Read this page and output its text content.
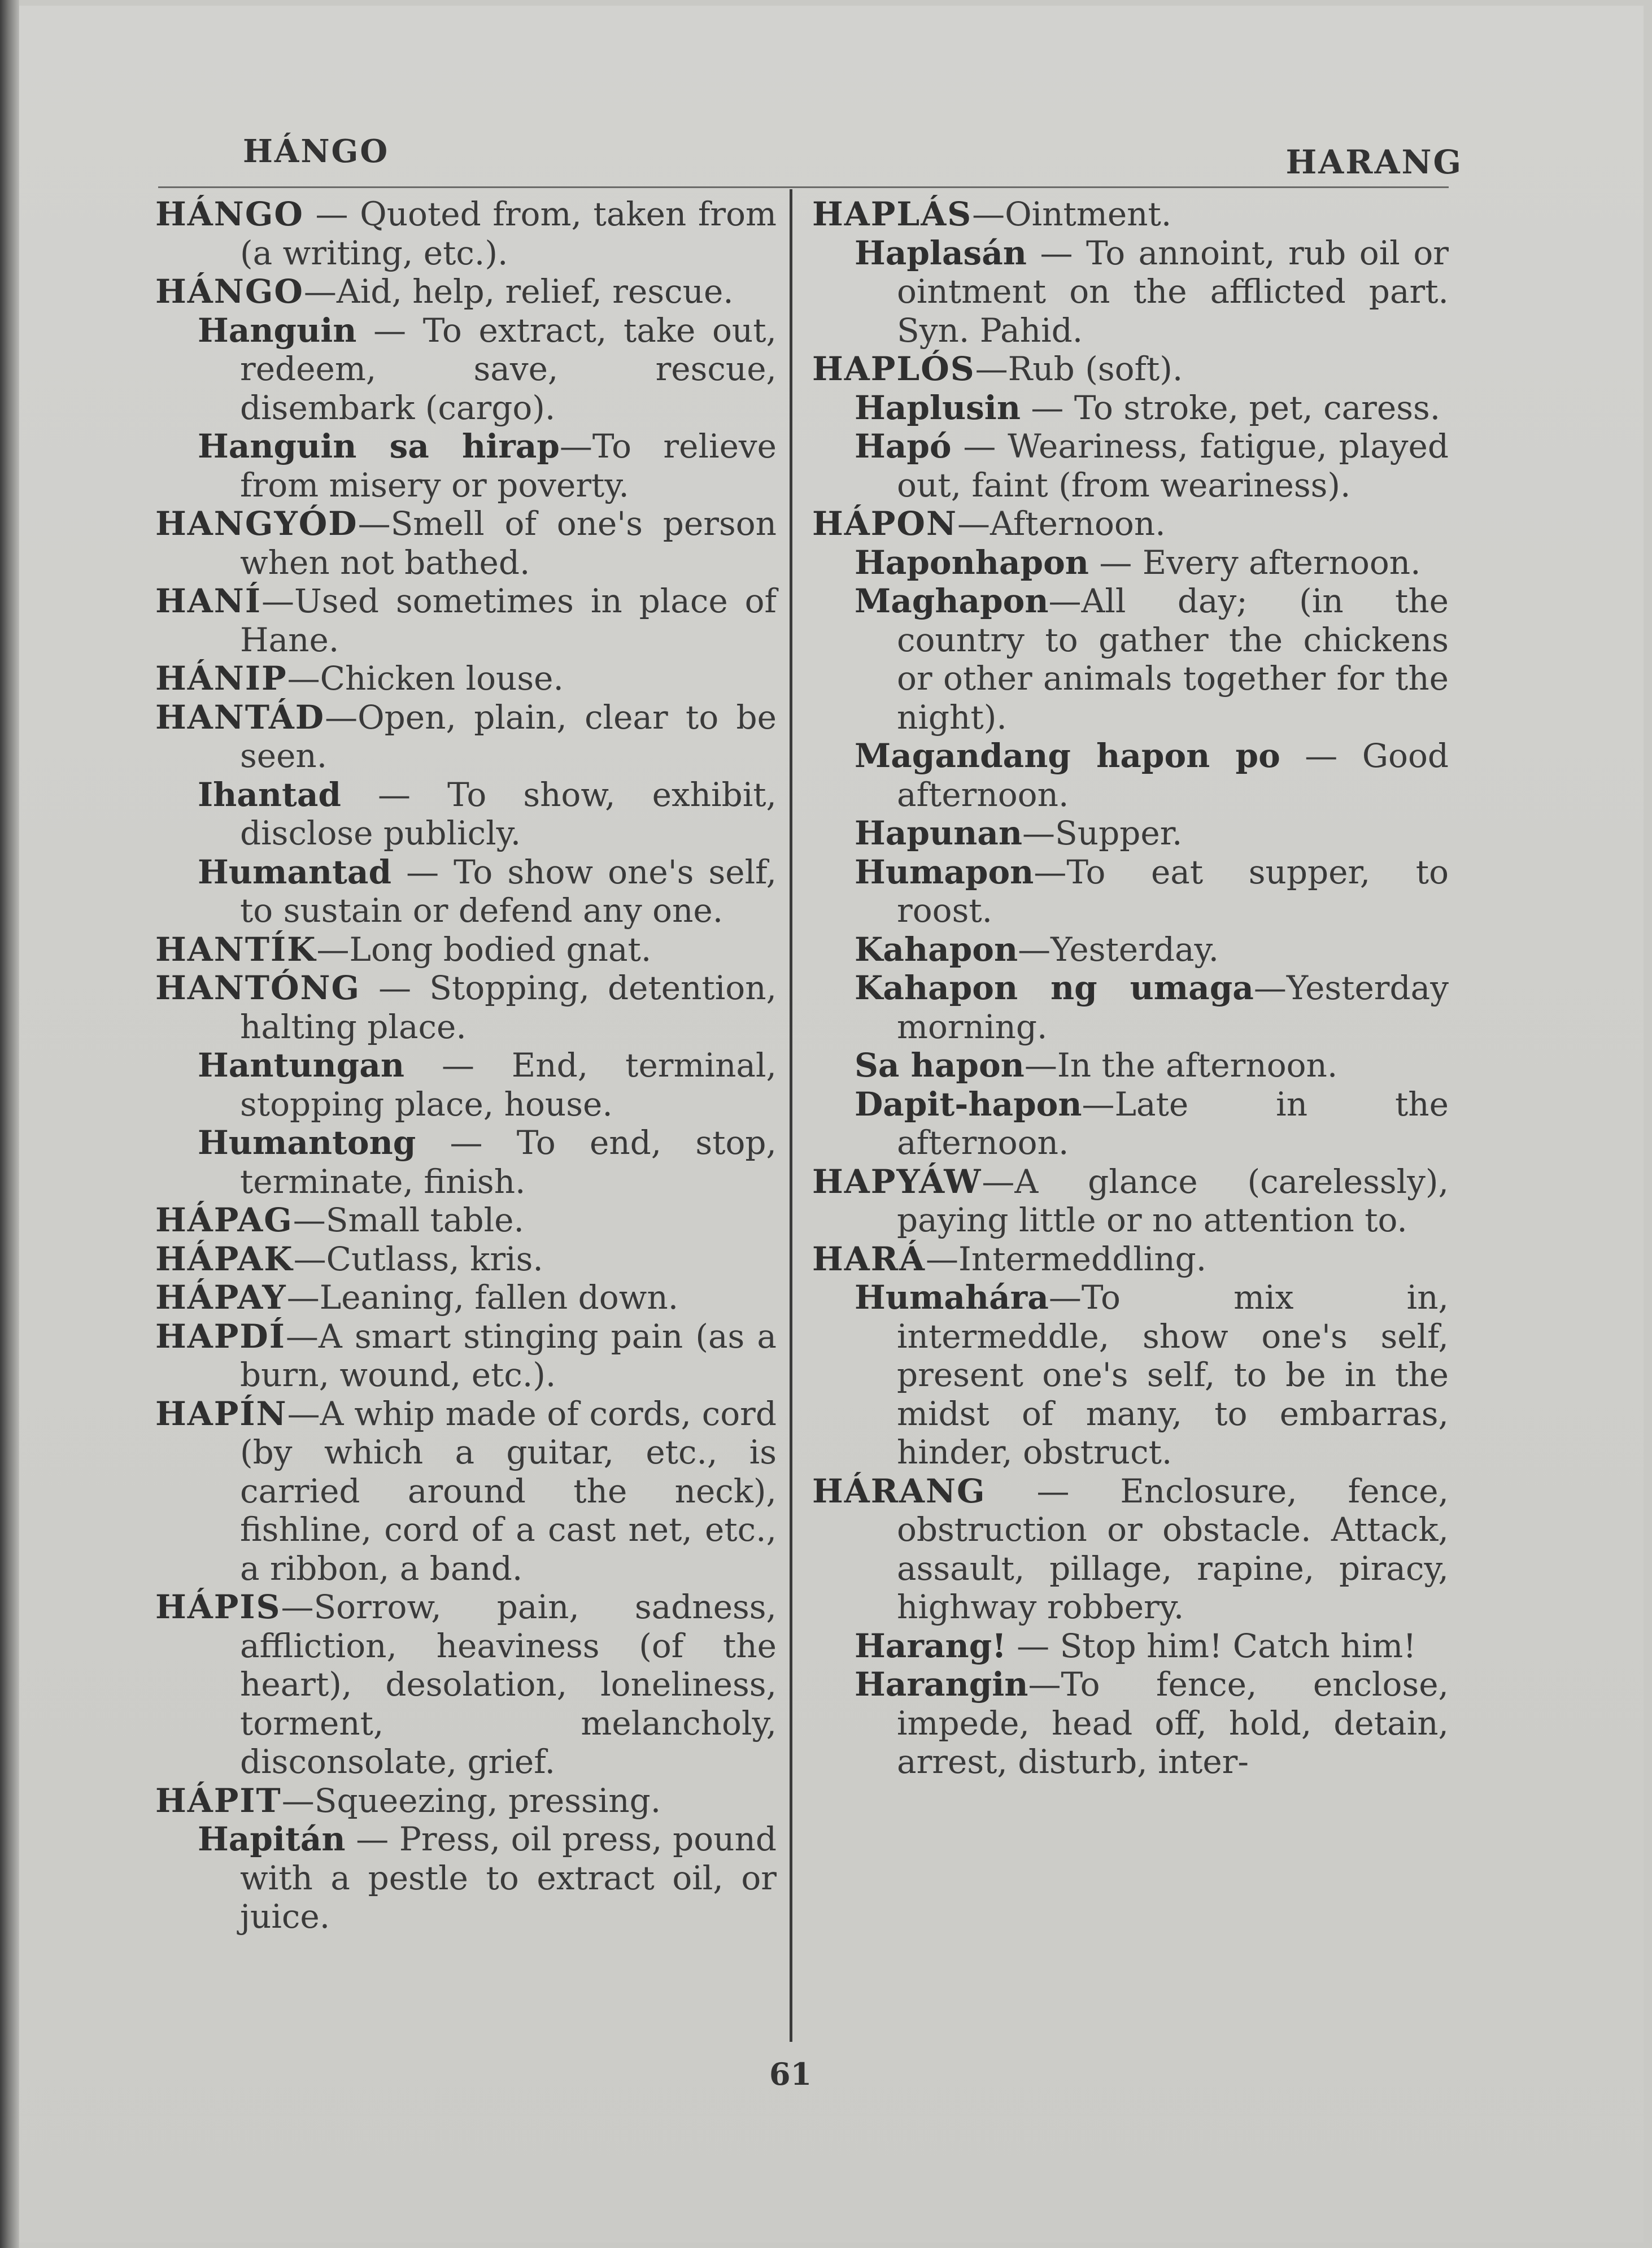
HÁNGO	HARANG

HÁNGO — Quoted from, taken from (a writing, etc.).

HÁNGO—Aid, help, relief, rescue.

Hanguin — To extract, take out, redeem, save, rescue, disembark (cargo).

Hanguin sa hirap—To relieve from misery or poverty.

HANGYÓD—Smell of one's person when not bathed.

HANÍ—Used sometimes in place of Hane.

HÁNIP—Chicken louse.

HANTÁD—Open, plain, clear to be seen.

Ihantad — To show, exhibit, disclose publicly.

Humantad — To show one's self, to sustain or defend any one.

HANTÍK—Long bodied gnat.

HANTÓNG — Stopping, detention, halting place.

Hantungan — End, terminal, stopping place, house.

Humantong — To end, stop, terminate, finish.

HÁPAG—Small table.

HÁPAK—Cutlass, kris.

HÁPAY—Leaning, fallen down.

HAPDÍ—A smart stinging pain (as a burn, wound, etc.).

HAPÍN—A whip made of cords, cord (by which a guitar, etc., is carried around the neck), fishline, cord of a cast net, etc., a ribbon, a band.

HÁPIS—Sorrow, pain, sadness, affliction, heaviness (of the heart), desolation, loneliness, torment, melancholy, disconsolate, grief.

HÁPIT—Squeezing, pressing.

Hapitán — Press, oil press, pound with a pestle to extract oil, or juice.

HAPLÁS—Ointment.

Haplasán — To annoint, rub oil or ointment on the afflicted part. Syn. Pahid.

HAPLÓS—Rub (soft).

Haplusin — To stroke, pet, caress.

Hapó — Weariness, fatigue, played out, faint (from weariness).

HÁPON—Afternoon.

Haponhapon — Every afternoon.

Maghapon—All day; (in the country to gather the chickens or other animals together for the night).

Magandang hapon po — Good afternoon.

Hapunan—Supper.

Humapon—To eat supper, to roost.

Kahapon—Yesterday.

Kahapon ng umaga—Yesterday morning.

Sa hapon—In the afternoon.

Dapit-hapon—Late in the afternoon.

HAPYÁW—A glance (carelessly), paying little or no attention to.

HARÁ—Intermeddling.

Humahára—To mix in, intermeddle, show one's self, present one's self, to be in the midst of many, to embarras, hinder, obstruct.

HÁRANG — Enclosure, fence, obstruction or obstacle. Attack, assault, pillage, rapine, piracy, highway robbery.

Harang! — Stop him! Catch him!

Harangin—To fence, enclose, impede, head off, hold, detain, arrest, disturb, inter-

61
